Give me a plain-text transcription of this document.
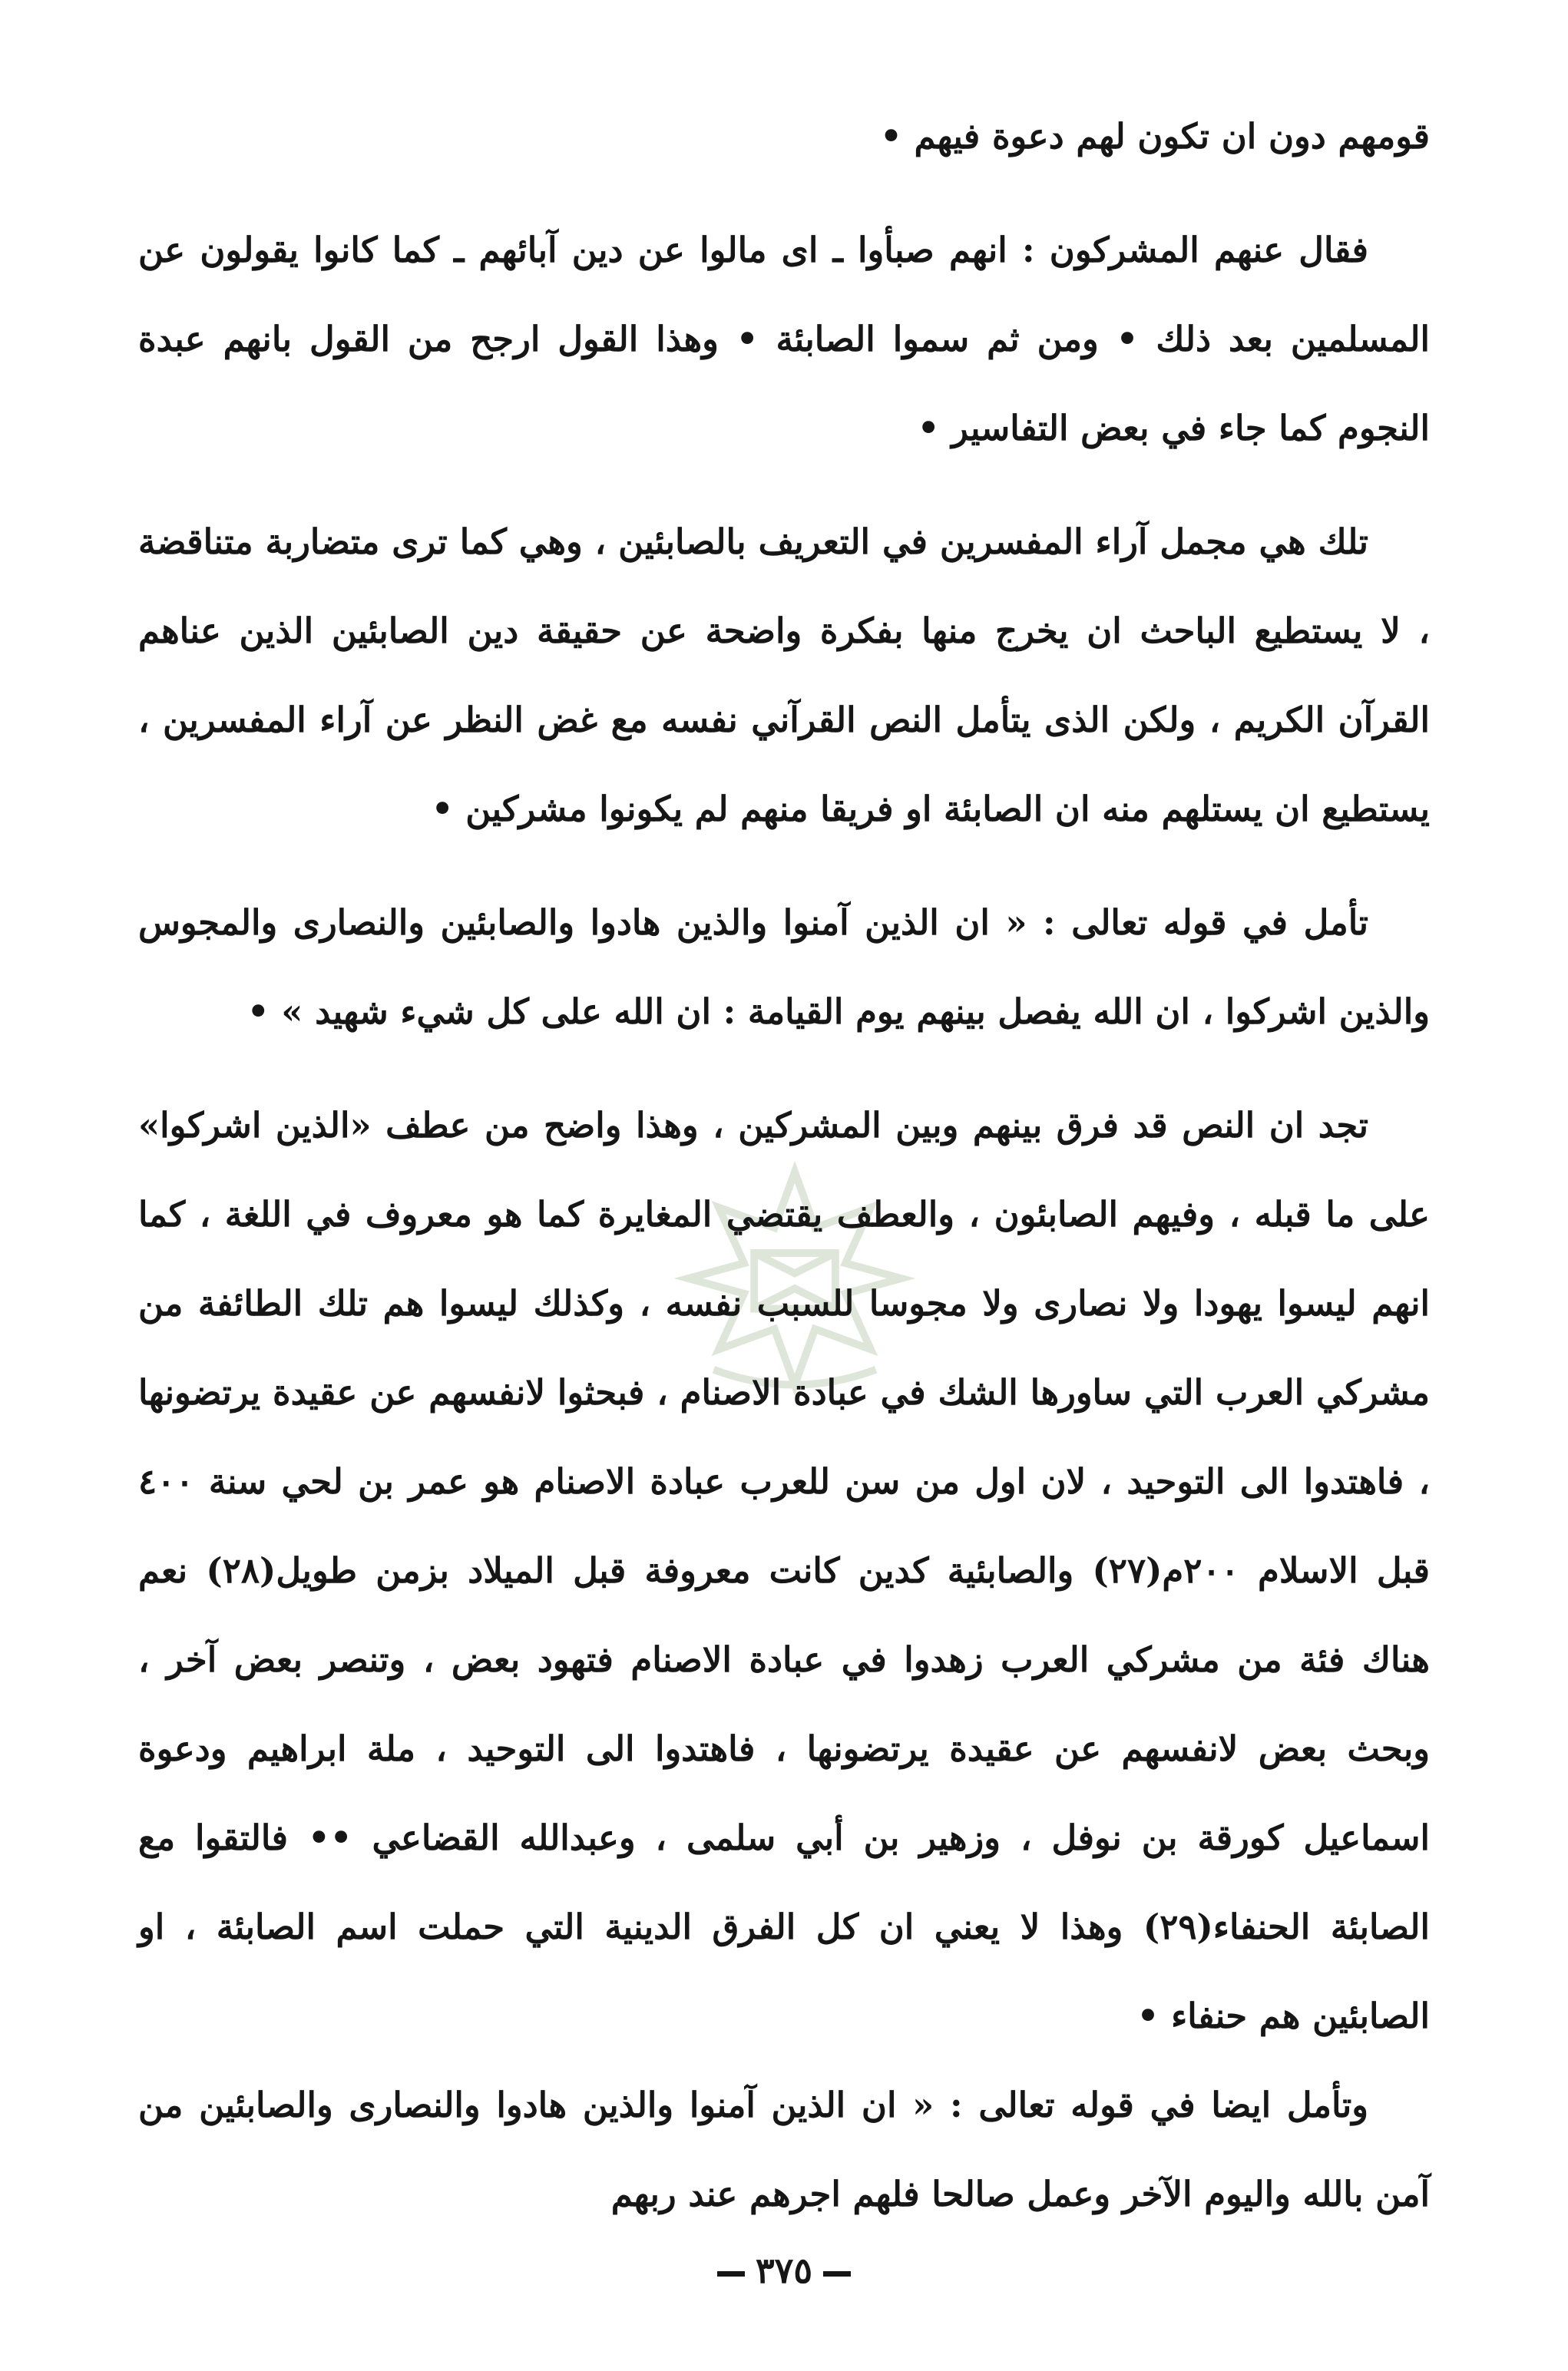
قومهم دون ان تكون لهم دعوة فيهم •

فقال عنهم المشركون : انهم صبأوا ـ اى مالوا عن دين آبائهم ـ كما كانوا يقولون عن المسلمين بعد ذلك • ومن ثم سموا الصابئة • وهذا القول ارجح من القول بانهم عبدة النجوم كما جاء في بعض التفاسير •

تلك هي مجمل آراء المفسرين في التعريف بالصابئين ، وهي كما ترى متضاربة متناقضة ، لا يستطيع الباحث ان يخرج منها بفكرة واضحة عن حقيقة دين الصابئين الذين عناهم القرآن الكريم ، ولكن الذى يتأمل النص القرآني نفسه مع غض النظر عن آراء المفسرين ، يستطيع ان يستلهم منه ان الصابئة او فريقا منهم لم يكونوا مشركين •

تأمل في قوله تعالى : « ان الذين آمنوا والذين هادوا والصابئين والنصارى والمجوس والذين اشركوا ، ان الله يفصل بينهم يوم القيامة : ان الله على كل شيء شهيد » •

تجد ان النص قد فرق بينهم وبين المشركين ، وهذا واضح من عطف «الذين اشركوا» على ما قبله ، وفيهم الصابئون ، والعطف يقتضي المغايرة كما هو معروف في اللغة ، كما انهم ليسوا يهودا ولا نصارى ولا مجوسا للسبب نفسه ، وكذلك ليسوا هم تلك الطائفة من مشركي العرب التي ساورها الشك في عبادة الاصنام ، فبحثوا لانفسهم عن عقيدة يرتضونها ، فاهتدوا الى التوحيد ، لان اول من سن للعرب عبادة الاصنام هو عمر بن لحي سنة ٤٠٠ قبل الاسلام ٢٠٠م(٢٧) والصابئية كدين كانت معروفة قبل الميلاد بزمن طويل(٢٨) نعم هناك فئة من مشركي العرب زهدوا في عبادة الاصنام فتهود بعض ، وتنصر بعض آخر ، وبحث بعض لانفسهم عن عقيدة يرتضونها ، فاهتدوا الى التوحيد ، ملة ابراهيم ودعوة اسماعيل كورقة بن نوفل ، وزهير بن أبي سلمى ، وعبدالله القضاعي •• فالتقوا مع الصابئة الحنفاء(٢٩) وهذا لا يعني ان كل الفرق الدينية التي حملت اسم الصابئة ، او الصابئين هم حنفاء •

وتأمل ايضا في قوله تعالى : « ان الذين آمنوا والذين هادوا والنصارى والصابئين من آمن بالله واليوم الآخر وعمل صالحا فلهم اجرهم عند ربهم

٣٧٥
